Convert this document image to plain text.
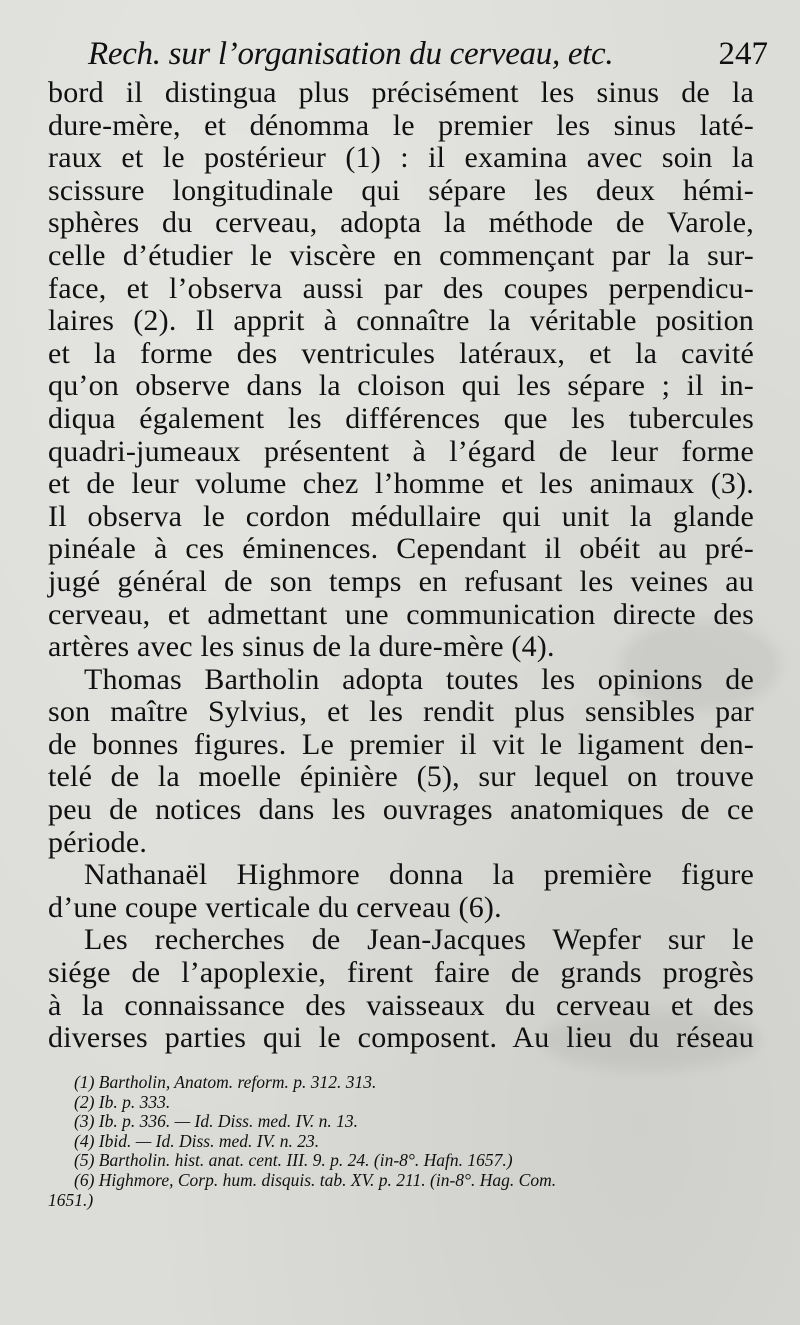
Rech. sur l’organisation du cerveau, etc.	247
bord il distingua plus précisément les sinus de la
dure-mère, et dénomma le premier les sinus laté-
raux et le postérieur (1) : il examina avec soin la
scissure longitudinale qui sépare les deux hémi-
sphères du cerveau, adopta la méthode de Varole,
celle d’étudier le viscère en commençant par la sur-
face, et l’observa aussi par des coupes perpendicu-
laires (2). Il apprit à connaître la véritable position
et la forme des ventricules latéraux, et la cavité
qu’on observe dans la cloison qui les sépare ; il in-
diqua également les différences que les tubercules
quadri-jumeaux présentent à l’égard de leur forme
et de leur volume chez l’homme et les animaux (3).
Il observa le cordon médullaire qui unit la glande
pinéale à ces éminences. Cependant il obéit au pré-
jugé général de son temps en refusant les veines au
cerveau, et admettant une communication directe des
artères avec les sinus de la dure-mère (4).
Thomas Bartholin adopta toutes les opinions de
son maître Sylvius, et les rendit plus sensibles par
de bonnes figures. Le premier il vit le ligament den-
telé de la moelle épinière (5), sur lequel on trouve
peu de notices dans les ouvrages anatomiques de ce
période.
Nathanaël Highmore donna la première figure
d’une coupe verticale du cerveau (6).
Les recherches de Jean-Jacques Wepfer sur le
siége de l’apoplexie, firent faire de grands progrès
à la connaissance des vaisseaux du cerveau et des
diverses parties qui le composent. Au lieu du réseau
(1) Bartholin, Anatom. reform. p. 312. 313.
(2) Ib. p. 333.
(3) Ib. p. 336. — Id. Diss. med. IV. n. 13.
(4) Ibid. — Id. Diss. med. IV. n. 23.
(5) Bartholin. hist. anat. cent. III. 9. p. 24. (in-8°. Hafn. 1657.)
(6) Highmore, Corp. hum. disquis. tab. XV. p. 211. (in-8°. Hag. Com.
1651.)
